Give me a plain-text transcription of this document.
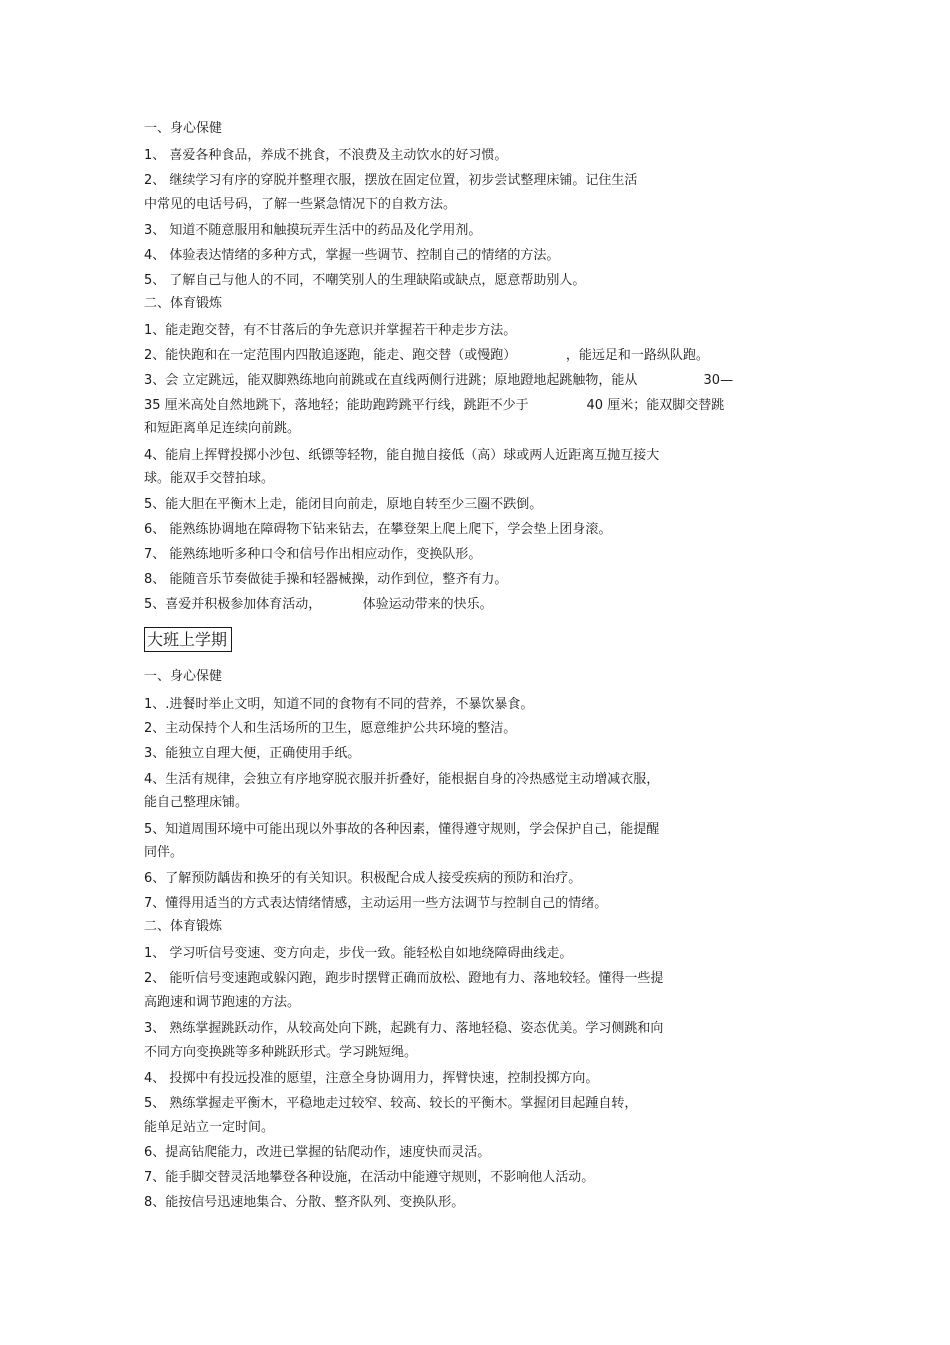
一、身心保健

1、 喜爱各种食品，养成不挑食，不浪费及主动饮水的好习惯。

2、 继续学习有序的穿脱并整理衣服，摆放在固定位置，初步尝试整理床铺。记住生活

中常见的电话号码，了解一些紧急情况下的自救方法。

3、 知道不随意服用和触摸玩弄生活中的药品及化学用剂。

4、 体验表达情绪的多种方式，掌握一些调节、控制自己的情绪的方法。

5、 了解自己与他人的不同，不嘲笑别人的生理缺陷或缺点，愿意帮助别人。

二、体育锻炼

1、能走跑交替，有不甘落后的争先意识并掌握若干种走步方法。

2、能快跑和在一定范围内四散追逐跑，能走、跑交替（或慢跑）            ，能远足和一路纵队跑。

3、会 立定跳远，能双脚熟练地向前跳或在直线两侧行进跳；原地蹬地起跳触物，能从                30—

35 厘米高处自然地跳下，落地轻；能助跑跨跳平行线，跳距不少于              40 厘米；能双脚交替跳

和短距离单足连续向前跳。

4、能肩上挥臂投掷小沙包、纸镖等轻物，能自抛自接低（高）球或两人近距离互抛互接大

球。能双手交替拍球。

5、能大胆在平衡木上走，能闭目向前走，原地自转至少三圈不跌倒。

6、 能熟练协调地在障碍物下钻来钻去，在攀登架上爬上爬下，学会垫上团身滚。

7、 能熟练地听多种口令和信号作出相应动作，变换队形。

8、 能随音乐节奏做徒手操和轻器械操，动作到位，整齐有力。

5、喜爱并积极参加体育活动，          体验运动带来的快乐。

大班上学期

一、身心保健

1、.进餐时举止文明，知道不同的食物有不同的营养，不暴饮暴食。

2、主动保持个人和生活场所的卫生，愿意维护公共环境的整洁。

3、能独立自理大便，正确使用手纸。

4、生活有规律，会独立有序地穿脱衣服并折叠好，能根据自身的冷热感觉主动增减衣服，

能自己整理床铺。

5、知道周围环境中可能出现以外事故的各种因素，懂得遵守规则，学会保护自己，能提醒

同伴。

6、了解预防龋齿和换牙的有关知识。积极配合成人接受疾病的预防和治疗。

7、懂得用适当的方式表达情绪情感，主动运用一些方法调节与控制自己的情绪。

二、体育锻炼

1、 学习听信号变速、变方向走，步伐一致。能轻松自如地绕障碍曲线走。

2、 能听信号变速跑或躲闪跑，跑步时摆臂正确而放松、蹬地有力、落地较轻。懂得一些提

高跑速和调节跑速的方法。

3、 熟练掌握跳跃动作，从较高处向下跳，起跳有力、落地轻稳、姿态优美。学习侧跳和向

不同方向变换跳等多种跳跃形式。学习跳短绳。

4、 投掷中有投远投准的愿望，注意全身协调用力，挥臂快速，控制投掷方向。

5、 熟练掌握走平衡木，平稳地走过较窄、较高、较长的平衡木。掌握闭目起踵自转，

能单足站立一定时间。

6、提高钻爬能力，改进已掌握的钻爬动作，速度快而灵活。

7、能手脚交替灵活地攀登各种设施，在活动中能遵守规则，不影响他人活动。

8、能按信号迅速地集合、分散、整齐队列、变换队形。
